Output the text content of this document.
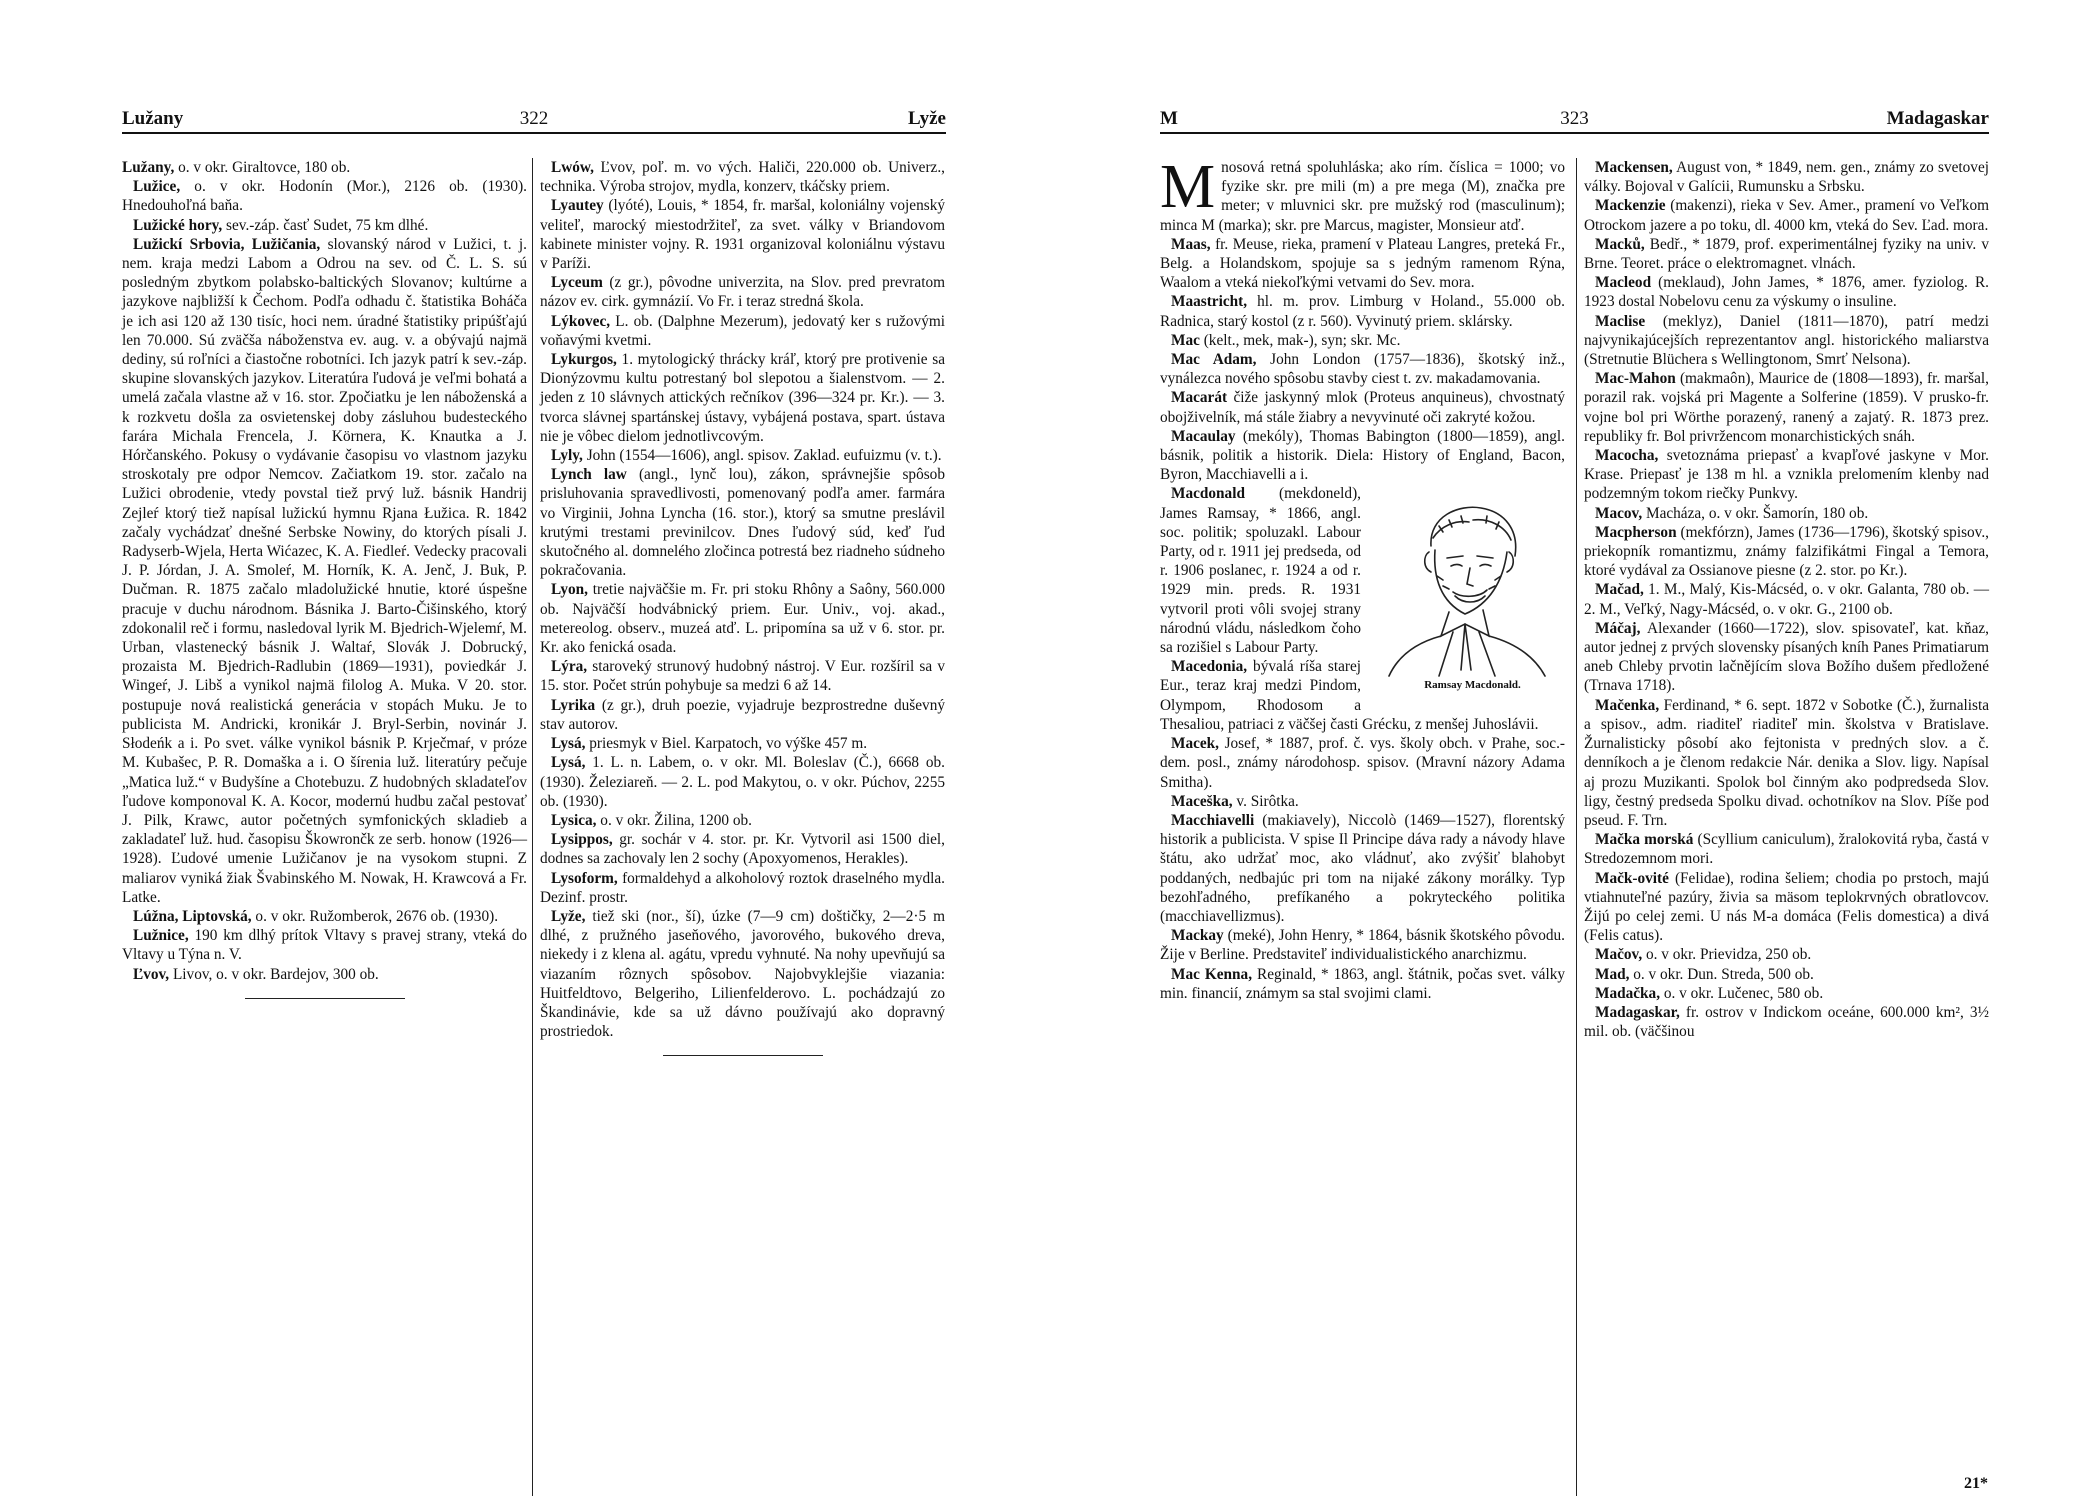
Lužany	322	Lyže

Lužany, o. v okr. Giraltovce, 180 ob.

Lužice, o. v okr. Hodonín (Mor.), 2126 ob. (1930). Hnedouhoľná baňa.

Lužické hory, sev.-záp. časť Sudet, 75 km dlhé.

Lužickí Srbovia, Lužičania, slovanský národ v Lužici, t. j. nem. kraja medzi Labom a Odrou na sev. od Č. L. S. sú posledným zbytkom polabsko-baltických Slovanov; kultúrne a jazykove najbližší k Čechom. Podľa odhadu č. štatistika Boháča je ich asi 120 až 130 tisíc, hoci nem. úradné štatistiky pripúšťajú len 70.000. Sú zväčša náboženstva ev. aug. v. a obývajú najmä dediny, sú roľníci a čiastočne robotníci. Ich jazyk patrí k sev.-záp. skupine slovanských jazykov. Literatúra ľudová je veľmi bohatá a umelá začala vlastne až v 16. stor. Zpočiatku je len náboženská a k rozkvetu došla za osvietenskej doby zásluhou budesteckého farára Michala Frencela, J. Körnera, K. Knautka a J. Hórčanského. Pokusy o vydávanie časopisu vo vlastnom jazyku stroskotaly pre odpor Nemcov. Začiatkom 19. stor. začalo na Lužici obrodenie, vtedy povstal tiež prvý luž. básnik Handrij Zejleŕ ktorý tiež napísal lužickú hymnu Rjana Łužica. R. 1842 začaly vychádzať dnešné Serbske Nowiny, do ktorých písali J. Radyserb-Wjela, Herta Wićazec, K. A. Fiedleŕ. Vedecky pracovali J. P. Jórdan, J. A. Smoleŕ, M. Horník, K. A. Jenč, J. Buk, P. Dučman. R. 1875 začalo mladolužické hnutie, ktoré úspešne pracuje v duchu národnom. Básnika J. Barto-Čišinského, ktorý zdokonalil reč i formu, nasledoval lyrik M. Bjedrich-Wjelemŕ, M. Urban, vlastenecký básnik J. Waltaŕ, Slovák J. Dobrucký, prozaista M. Bjedrich-Radlubin (1869—1931), poviedkár J. Wingeŕ, J. Libš a vynikol najmä filolog A. Muka. V 20. stor. postupuje nová realistická generácia v stopách Muku. Je to publicista M. Andricki, kronikár J. Bryl-Serbin, novinár J. Słodeńk a i. Po svet. válke vynikol básnik P. Krječmaŕ, v próze M. Kubašec, P. R. Domaška a i. O šírenia luž. literatúry pečuje „Matica luž.“ v Budyšíne a Chotebuzu. Z hudobných skladateľov ľudove komponoval K. A. Kocor, modernú hudbu začal pestovať J. Pilk, Krawc, autor početných symfonických skladieb a zakladateľ luž. hud. časopisu Škowrončk ze serb. honow (1926—1928). Ľudové umenie Lužičanov je na vysokom stupni. Z maliarov vyniká žiak Švabinského M. Nowak, H. Krawcová a Fr. Latke.

Lúžna, Liptovská, o. v okr. Ružomberok, 2676 ob. (1930).

Lužnice, 190 km dlhý prítok Vltavy s pravej strany, vteká do Vltavy u Týna n. V.

Ľvov, Livov, o. v okr. Bardejov, 300 ob.

Lwów, Ľvov, poľ. m. vo vých. Haliči, 220.000 ob. Univerz., technika. Výroba strojov, mydla, konzerv, tkáčsky priem.

Lyautey (lyóté), Louis, * 1854, fr. maršal, koloniálny vojenský veliteľ, marocký miestodržiteľ, za svet. války v Briandovom kabinete minister vojny. R. 1931 organizoval koloniálnu výstavu v Paríži.

Lyceum (z gr.), pôvodne univerzita, na Slov. pred prevratom názov ev. cirk. gymnázií. Vo Fr. i teraz stredná škola.

Lýkovec, L. ob. (Dalphne Mezerum), jedovatý ker s ružovými voňavými kvetmi.

Lykurgos, 1. mytologický thrácky kráľ, ktorý pre protivenie sa Dionýzovmu kultu potrestaný bol slepotou a šialenstvom. — 2. jeden z 10 slávnych attických rečníkov (396—324 pr. Kr.). — 3. tvorca slávnej spartánskej ústavy, vybájená postava, spart. ústava nie je vôbec dielom jednotlivcovým.

Lyly, John (1554—1606), angl. spisov. Zaklad. eufuizmu (v. t.).

Lynch law (angl., lynč lou), zákon, správnejšie spôsob prisluhovania spravedlivosti, pomenovaný podľa amer. farmára vo Virginii, Johna Lyncha (16. stor.), ktorý sa smutne preslávil krutými trestami previnilcov. Dnes ľudový súd, keď ľud skutočného al. domnelého zločinca potrestá bez riadneho súdneho pokračovania.

Lyon, tretie najväčšie m. Fr. pri stoku Rhôny a Saôny, 560.000 ob. Najväčší hodvábnický priem. Eur. Univ., voj. akad., metereolog. observ., muzeá atď. L. pripomína sa už v 6. stor. pr. Kr. ako fenická osada.

Lýra, staroveký strunový hudobný nástroj. V Eur. rozšíril sa v 15. stor. Počet strún pohybuje sa medzi 6 až 14.

Lyrika (z gr.), druh poezie, vyjadruje bezprostredne duševný stav autorov.

Lysá, priesmyk v Biel. Karpatoch, vo výške 457 m.

Lysá, 1. L. n. Labem, o. v okr. Ml. Boleslav (Č.), 6668 ob. (1930). Železiareň. — 2. L. pod Makytou, o. v okr. Púchov, 2255 ob. (1930).

Lysica, o. v okr. Žilina, 1200 ob.

Lysippos, gr. sochár v 4. stor. pr. Kr. Vytvoril asi 1500 diel, dodnes sa zachovaly len 2 sochy (Apoxyomenos, Herakles).

Lysoform, formaldehyd a alkoholový roztok draselného mydla. Dezinf. prostr.

Lyže, tiež ski (nor., ší), úzke (7—9 cm) doštičky, 2—2·5 m dlhé, z pružného jaseňového, javorového, bukového dreva, niekedy i z klena al. agátu, vpredu vyhnuté. Na nohy upevňujú sa viazaním rôznych spôsobov. Najobvyklejšie viazania: Huitfeldtovo, Belgeriho, Lilienfelderovo. L. pochádzajú zo Škandinávie, kde sa už dávno používajú ako dopravný prostriedok.

M	323	Madagaskar

Mnosová retná spoluhláska; ako rím. číslica = 1000; vo fyzike skr. pre mili (m) a pre mega (M), značka pre meter; v mluvnici skr. pre mužský rod (masculinum); minca M (marka); skr. pre Marcus, magister, Monsieur atď.

Maas, fr. Meuse, rieka, pramení v Plateau Langres, preteká Fr., Belg. a Holandskom, spojuje sa s jedným ramenom Rýna, Waalom a vteká niekoľkými vetvami do Sev. mora.

Maastricht, hl. m. prov. Limburg v Holand., 55.000 ob. Radnica, starý kostol (z r. 560). Vyvinutý priem. sklársky.

Mac (kelt., mek, mak-), syn; skr. Mc.

Mac Adam, John London (1757—1836), škotský inž., vynálezca nového spôsobu stavby ciest t. zv. makadamovania.

Macarát čiže jaskynný mlok (Proteus anquineus), chvostnatý obojživelník, má stále žiabry a nevyvinuté oči zakryté kožou.

Macaulay (mekóly), Thomas Babington (1800—1859), angl. básnik, politik a historik. Diela: History of England, Bacon, Byron, Macchiavelli a i.

Ramsay Macdonald.
Macdonald (mekdoneld), James Ramsay, * 1866, angl. soc. politik; spoluzakl. Labour Party, od r. 1911 jej predseda, od r. 1906 poslanec, r. 1924 a od r. 1929 min. preds. R. 1931 vytvoril proti vôli svojej strany národnú vládu, následkom čoho sa rozišiel s Labour Party.

Macedonia, bývalá ríša starej Eur., teraz kraj medzi Pindom, Olympom, Rhodosom a Thesaliou, patriaci z väčšej časti Grécku, z menšej Juhoslávii.

Macek, Josef, * 1887, prof. č. vys. školy obch. v Prahe, soc.-dem. posl., známy národohosp. spisov. (Mravní názory Adama Smitha).

Maceška, v. Sirôtka.

Macchiavelli (makiavely), Niccolò (1469—1527), florentský historik a publicista. V spise Il Principe dáva rady a návody hlave štátu, ako udržať moc, ako vládnuť, ako zvýšiť blahobyt poddaných, nedbajúc pri tom na nijaké zákony morálky. Typ bezohľadného, prefíkaného a pokryteckého politika (macchiavellizmus).

Mackay (meké), John Henry, * 1864, básnik škotského pôvodu. Žije v Berline. Predstaviteľ individualistického anarchizmu.

Mac Kenna, Reginald, * 1863, angl. štátnik, počas svet. války min. financií, známym sa stal svojimi clami.

Mackensen, August von, * 1849, nem. gen., známy zo svetovej války. Bojoval v Galícii, Rumunsku a Srbsku.

Mackenzie (makenzi), rieka v Sev. Amer., pramení vo Veľkom Otrockom jazere a po toku, dl. 4000 km, vteká do Sev. Ľad. mora.

Macků, Bedř., * 1879, prof. experimentálnej fyziky na univ. v Brne. Teoret. práce o elektromagnet. vlnách.

Macleod (meklaud), John James, * 1876, amer. fyziolog. R. 1923 dostal Nobelovu cenu za výskumy o insuline.

Maclise (meklyz), Daniel (1811—1870), patrí medzi najvynikajúcejších reprezentantov angl. historického maliarstva (Stretnutie Blüchera s Wellingtonom, Smrť Nelsona).

Mac-Mahon (makmaôn), Maurice de (1808—1893), fr. maršal, porazil rak. vojská pri Magente a Solferine (1859). V prusko-fr. vojne bol pri Wörthe porazený, ranený a zajatý. R. 1873 prez. republiky fr. Bol privržencom monarchistických snáh.

Macocha, svetoznáma priepasť a kvapľové jaskyne v Mor. Krase. Priepasť je 138 m hl. a vznikla prelomením klenby nad podzemným tokom riečky Punkvy.

Macov, Macháza, o. v okr. Šamorín, 180 ob.

Macpherson (mekfórzn), James (1736—1796), škotský spisov., priekopník romantizmu, známy falzifikátmi Fingal a Temora, ktoré vydával za Ossianove piesne (z 2. stor. po Kr.).

Mačad, 1. M., Malý, Kis-Mácséd, o. v okr. Galanta, 780 ob. — 2. M., Veľký, Nagy-Mácséd, o. v okr. G., 2100 ob.

Máčaj, Alexander (1660—1722), slov. spisovateľ, kat. kňaz, autor jednej z prvých slovensky písaných kníh Panes Primatiarum aneb Chleby prvotin lačnějícím slova Božího dušem předložené (Trnava 1718).

Mačenka, Ferdinand, * 6. sept. 1872 v Sobotke (Č.), žurnalista a spisov., adm. riaditeľ riaditeľ min. školstva v Bratislave. Žurnalisticky pôsobí ako fejtonista v predných slov. a č. denníkoch a je členom redakcie Nár. denika a Slov. ligy. Napísal aj prozu Muzikanti. Spolok bol činným ako podpredseda Slov. ligy, čestný predseda Spolku divad. ochotníkov na Slov. Píše pod pseud. F. Trn.

Mačka morská (Scyllium caniculum), žralokovitá ryba, častá v Stredozemnom mori.

Mačk-ovité (Felidae), rodina šeliem; chodia po prstoch, majú vtiahnuteľné pazúry, živia sa mäsom teplokrvných obratlovcov. Žijú po celej zemi. U nás M-a domáca (Felis domestica) a divá (Felis catus).

Mačov, o. v okr. Prievidza, 250 ob.

Mad, o. v okr. Dun. Streda, 500 ob.

Madačka, o. v okr. Lučenec, 580 ob.

Madagaskar, fr. ostrov v Indickom oceáne, 600.000 km², 3½ mil. ob. (väčšinou

21*
